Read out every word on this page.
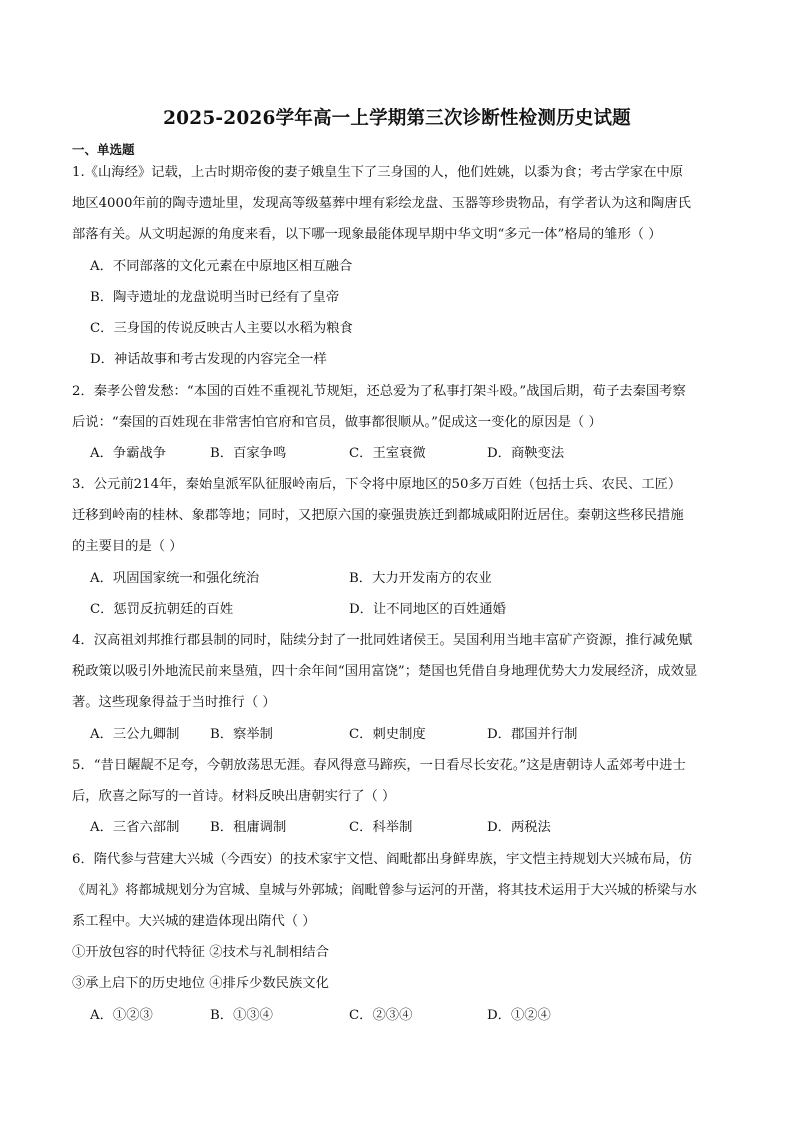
2025-2026学年高一上学期第三次诊断性检测历史试题
一、单选题
1.《山海经》记载，上古时期帝俊的妻子娥皇生下了三身国的人，他们姓姚，以黍为食；考古学家在中原
地区4000年前的陶寺遗址里，发现高等级墓葬中埋有彩绘龙盘、玉器等珍贵物品，有学者认为这和陶唐氏
部落有关。从文明起源的角度来看，以下哪一现象最能体现早期中华文明“多元一体”格局的雏形（ ）
A．不同部落的文化元素在中原地区相互融合
B．陶寺遗址的龙盘说明当时已经有了皇帝
C．三身国的传说反映古人主要以水稻为粮食
D．神话故事和考古发现的内容完全一样
2．秦孝公曾发愁：“本国的百姓不重视礼节规矩，还总爱为了私事打架斗殴。”战国后期，荀子去秦国考察
后说：“秦国的百姓现在非常害怕官府和官员，做事都很顺从。”促成这一变化的原因是（ ）
A．争霸战争	B．百家争鸣	C．王室衰微	D．商鞅变法
3．公元前214年，秦始皇派军队征服岭南后，下令将中原地区的50多万百姓（包括士兵、农民、工匠）
迁移到岭南的桂林、象郡等地；同时，又把原六国的豪强贵族迁到都城咸阳附近居住。秦朝这些移民措施
的主要目的是（ ）
A．巩固国家统一和强化统治	B．大力开发南方的农业
C．惩罚反抗朝廷的百姓	D．让不同地区的百姓通婚
4．汉高祖刘邦推行郡县制的同时，陆续分封了一批同姓诸侯王。吴国利用当地丰富矿产资源，推行减免赋
税政策以吸引外地流民前来垦殖，四十余年间“国用富饶”；楚国也凭借自身地理优势大力发展经济，成效显
著。这些现象得益于当时推行（ ）
A．三公九卿制 B．察举制	C．刺史制度	D．郡国并行制
5．“昔日龌龊不足夸，今朝放荡思无涯。春风得意马蹄疾，一日看尽长安花。”这是唐朝诗人孟郊考中进士
后，欣喜之际写的一首诗。材料反映出唐朝实行了（ ）
A．三省六部制 B．租庸调制	C．科举制	D．两税法
6．隋代参与营建大兴城（今西安）的技术家宇文恺、阎毗都出身鲜卑族，宇文恺主持规划大兴城布局，仿
《周礼》将都城规划分为宫城、皇城与外郭城；阎毗曾参与运河的开凿，将其技术运用于大兴城的桥梁与水
系工程中。大兴城的建造体现出隋代（ ）
①开放包容的时代特征 ②技术与礼制相结合
③承上启下的历史地位 ④排斥少数民族文化
A．①②③	B．①③④	C．②③④	D．①②④
